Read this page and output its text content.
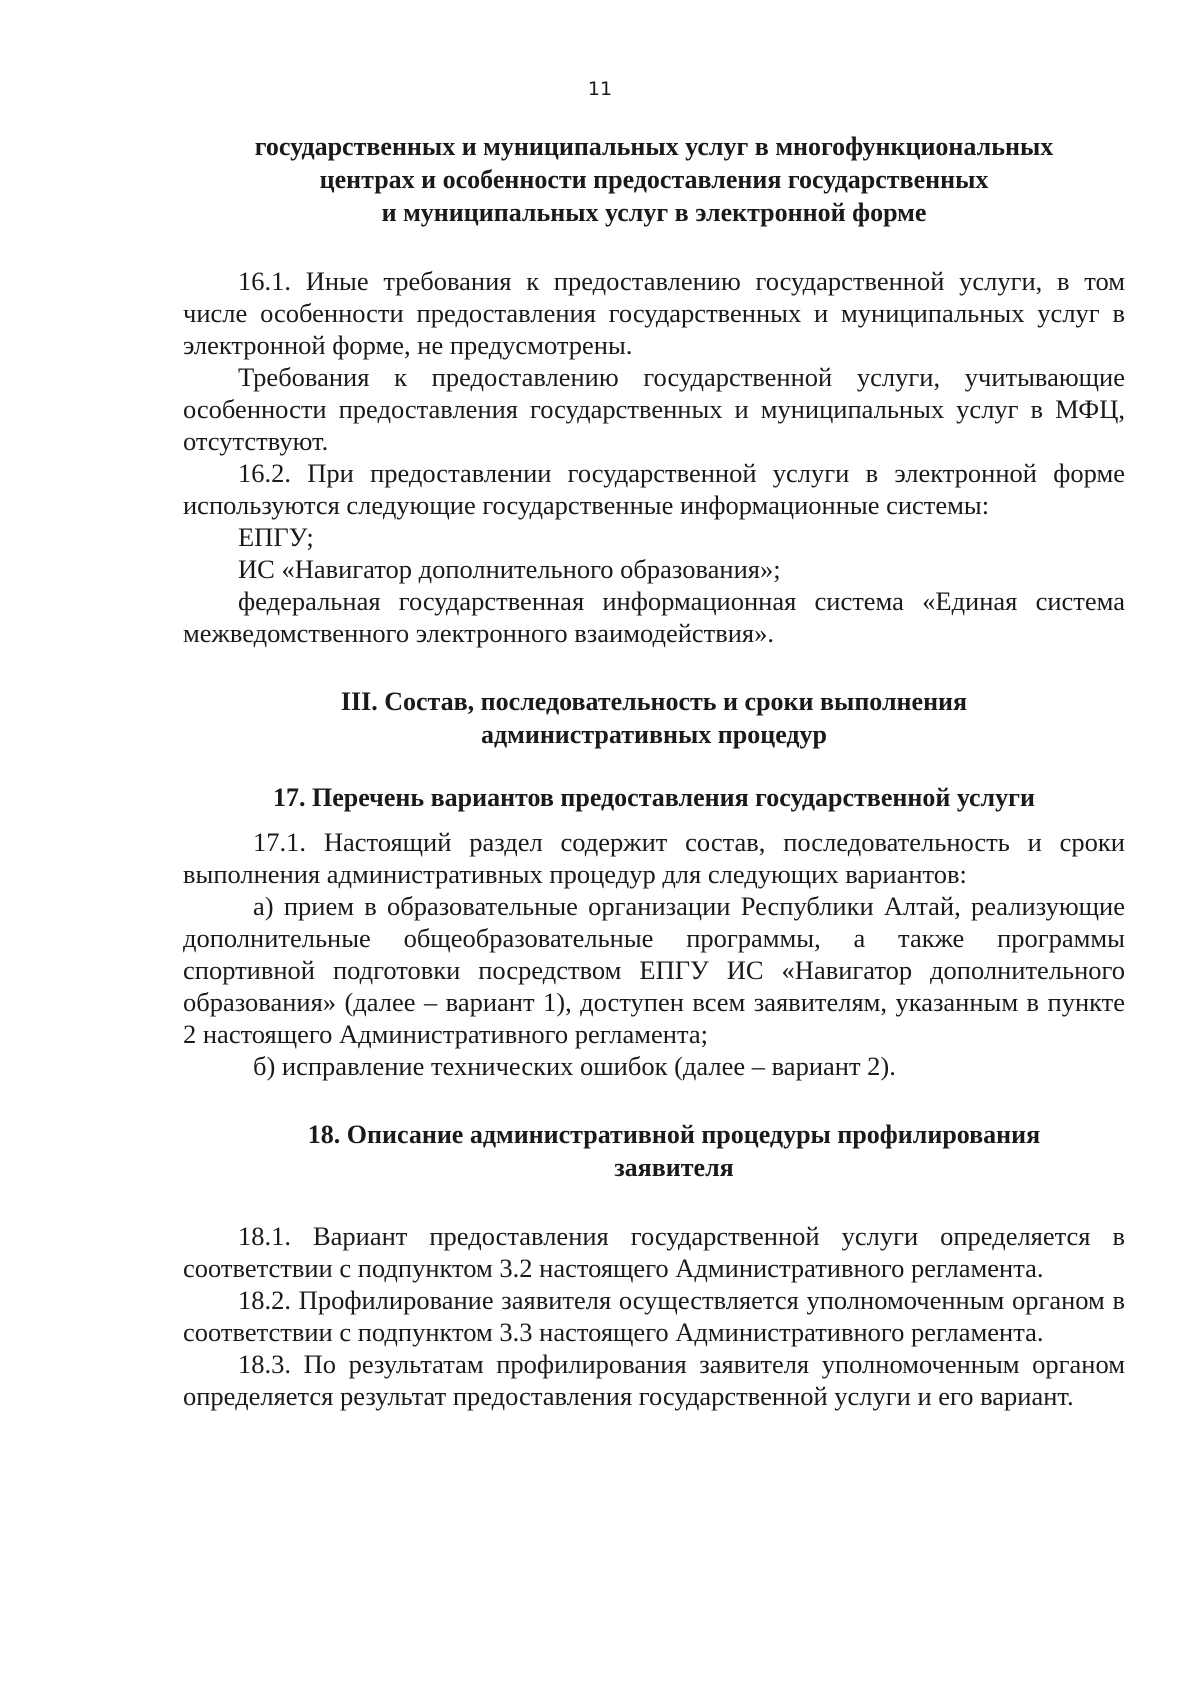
11
государственных и муниципальных услуг в многофункциональных
центрах и особенности предоставления государственных
и муниципальных услуг в электронной форме

16.1. Иные требования к предоставлению государственной услуги, в том числе особенности предоставления государственных и муниципальных услуг в электронной форме, не предусмотрены.

Требования к предоставлению государственной услуги, учитывающие особенности предоставления государственных и муниципальных услуг в МФЦ, отсутствуют.

16.2. При предоставлении государственной услуги в электронной форме используются следующие государственные информационные системы:

ЕПГУ;

ИС «Навигатор дополнительного образования»;

федеральная государственная информационная система «Единая система межведомственного электронного взаимодействия».

III. Состав, последовательность и сроки выполнения
административных процедур
17. Перечень вариантов предоставления государственной услуги

17.1. Настоящий раздел содержит состав, последовательность и сроки выполнения административных процедур для следующих вариантов:

а) прием в образовательные организации Республики Алтай, реализующие дополнительные общеобразовательные программы, а также программы спортивной подготовки посредством ЕПГУ ИС «Навигатор дополнительного образования» (далее – вариант 1), доступен всем заявителям, указанным в пункте 2 настоящего Административного регламента;

б) исправление технических ошибок (далее – вариант 2).

18. Описание административной процедуры профилирования
заявителя

18.1. Вариант предоставления государственной услуги определяется в соответствии с подпунктом 3.2 настоящего Административного регламента.

18.2. Профилирование заявителя осуществляется уполномоченным органом в соответствии с подпунктом 3.3 настоящего Административного регламента.

18.3. По результатам профилирования заявителя уполномоченным органом определяется результат предоставления государственной услуги и его вариант.
